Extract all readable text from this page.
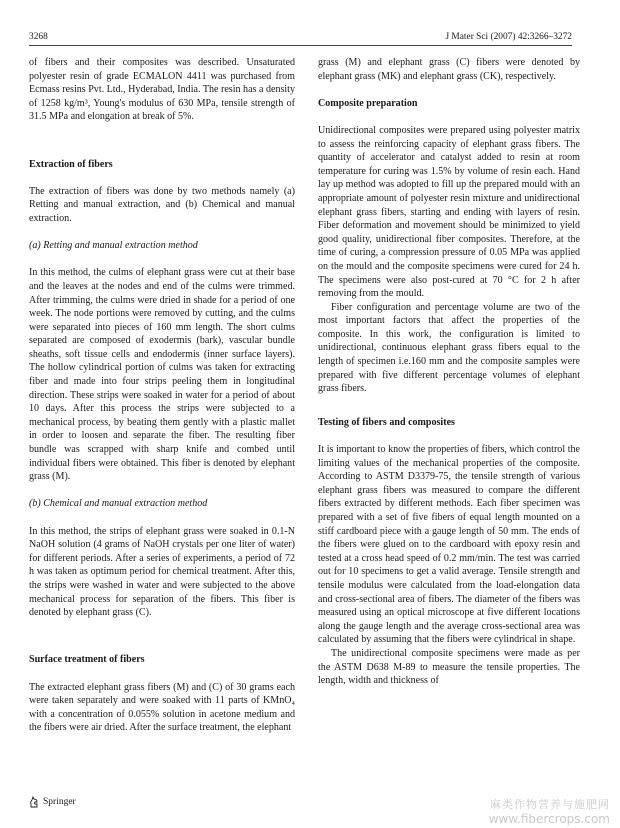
3268	J Mater Sci (2007) 42:3266–3272

of fibers and their composites was described. Unsaturated polyester resin of grade ECMALON 4411 was purchased from Ecmass resins Pvt. Ltd., Hyderabad, India. The resin has a density of 1258 kg/m³, Young's modulus of 630 MPa, tensile strength of 31.5 MPa and elongation at break of 5%.

Extraction of fibers

The extraction of fibers was done by two methods namely (a) Retting and manual extraction, and (b) Chemical and manual extraction.

(a) Retting and manual extraction method

In this method, the culms of elephant grass were cut at their base and the leaves at the nodes and end of the culms were trimmed. After trimming, the culms were dried in shade for a period of one week. The node portions were removed by cutting, and the culms were separated into pieces of 160 mm length. The short culms separated are composed of exodermis (bark), vascular bundle sheaths, soft tissue cells and endodermis (inner surface layers). The hollow cylindrical portion of culms was taken for extracting fiber and made into four strips peeling them in longitudinal direction. These strips were soaked in water for a period of about 10 days. After this process the strips were subjected to a mechanical process, by beating them gently with a plastic mallet in order to loosen and separate the fiber. The resulting fiber bundle was scrapped with sharp knife and combed until individual fibers were obtained. This fiber is denoted by elephant grass (M).

(b) Chemical and manual extraction method

In this method, the strips of elephant grass were soaked in 0.1-N NaOH solution (4 grams of NaOH crystals per one liter of water) for different periods. After a series of experiments, a period of 72 h was taken as optimum period for chemical treatment. After this, the strips were washed in water and were subjected to the above mechanical process for separation of the fibers. This fiber is denoted by elephant grass (C).

Surface treatment of fibers

The extracted elephant grass fibers (M) and (C) of 30 grams each were taken separately and were soaked with 11 parts of KMnO₄ with a concentration of 0.055% solution in acetone medium and the fibers were air dried. After the surface treatment, the elephant

grass (M) and elephant grass (C) fibers were denoted by elephant grass (MK) and elephant grass (CK), respectively.

Composite preparation

Unidirectional composites were prepared using polyester matrix to assess the reinforcing capacity of elephant grass fibers. The quantity of accelerator and catalyst added to resin at room temperature for curing was 1.5% by volume of resin each. Hand lay up method was adopted to fill up the prepared mould with an appropriate amount of polyester resin mixture and unidirectional elephant grass fibers, starting and ending with layers of resin. Fiber deformation and movement should be minimized to yield good quality, unidirectional fiber composites. Therefore, at the time of curing, a compression pressure of 0.05 MPa was applied on the mould and the composite specimens were cured for 24 h. The specimens were also post-cured at 70 °C for 2 h after removing from the mould.

Fiber configuration and percentage volume are two of the most important factors that affect the properties of the composite. In this work, the configuration is limited to unidirectional, continuous elephant grass fibers equal to the length of specimen i.e.160 mm and the composite samples were prepared with five different percentage volumes of elephant grass fibers.

Testing of fibers and composites

It is important to know the properties of fibers, which control the limiting values of the mechanical properties of the composite. According to ASTM D3379-75, the tensile strength of various elephant grass fibers was measured to compare the different fibers extracted by different methods. Each fiber specimen was prepared with a set of five fibers of equal length mounted on a stiff cardboard piece with a gauge length of 50 mm. The ends of the fibers were glued on to the cardboard with epoxy resin and tested at a cross head speed of 0.2 mm/min. The test was carried out for 10 specimens to get a valid average. Tensile strength and tensile modulus were calculated from the load-elongation data and cross-sectional area of fibers. The diameter of the fibers was measured using an optical microscope at five different locations along the gauge length and the average cross-sectional area was calculated by assuming that the fibers were cylindrical in shape.

The unidirectional composite specimens were made as per the ASTM D638 M-89 to measure the tensile properties. The length, width and thickness of

Springer	麻类作物营养与施肥网
www.fibercrops.com
